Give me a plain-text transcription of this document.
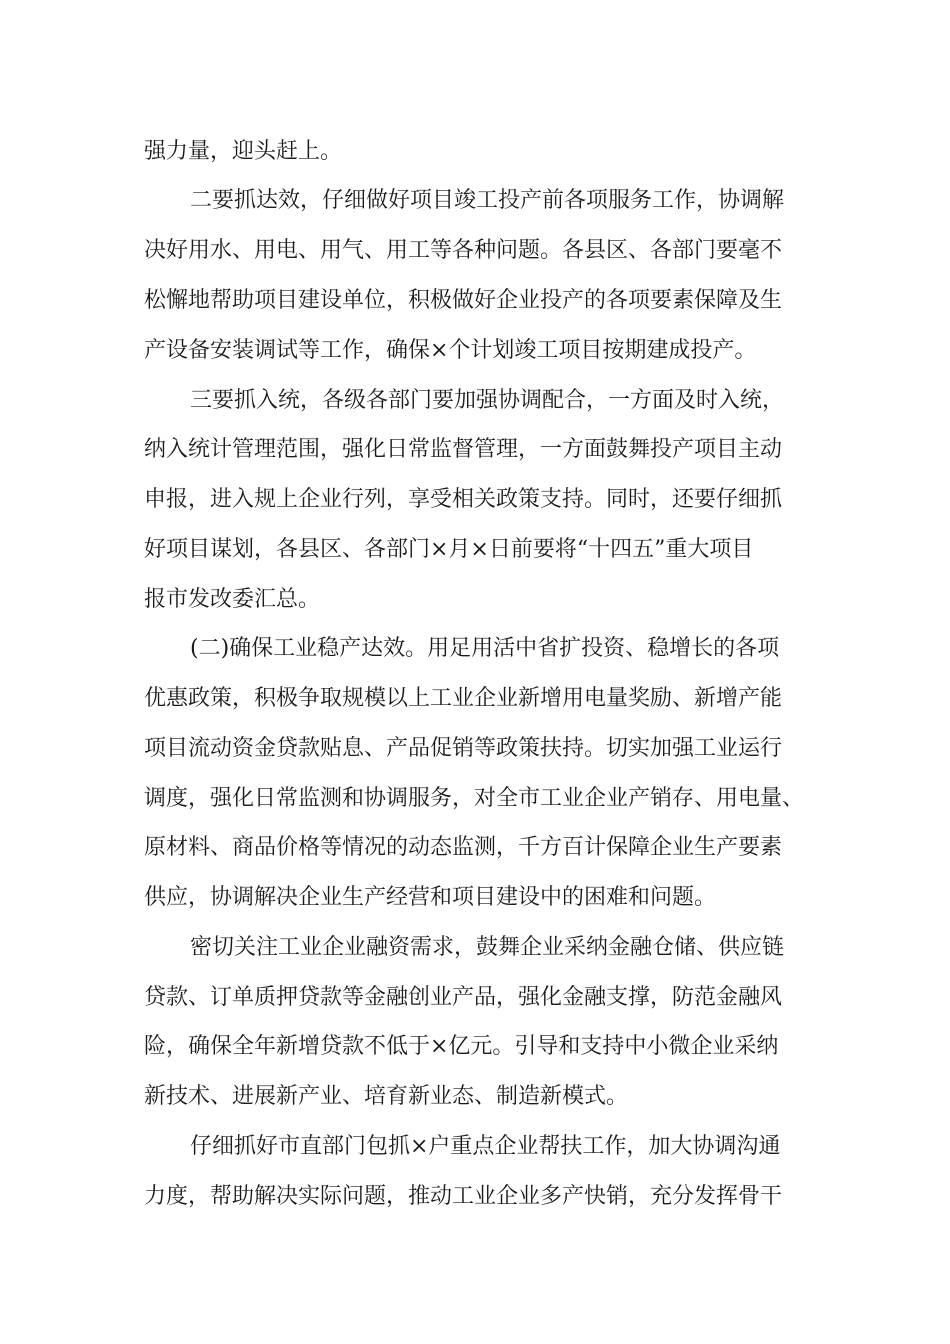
强力量，迎头赶上。

二要抓达效，仔细做好项目竣工投产前各项服务工作，协调解

决好用水、用电、用气、用工等各种问题。各县区、各部门要毫不

松懈地帮助项目建设单位，积极做好企业投产的各项要素保障及生

产设备安装调试等工作，确保×个计划竣工项目按期建成投产。

三要抓入统，各级各部门要加强协调配合，一方面及时入统，

纳入统计管理范围，强化日常监督管理，一方面鼓舞投产项目主动

申报，进入规上企业行列，享受相关政策支持。同时，还要仔细抓

好项目谋划，各县区、各部门×月×日前要将“十四五”重大项目

报市发改委汇总。

(二)确保工业稳产达效。用足用活中省扩投资、稳增长的各项

优惠政策，积极争取规模以上工业企业新增用电量奖励、新增产能

项目流动资金贷款贴息、产品促销等政策扶持。切实加强工业运行

调度，强化日常监测和协调服务，对全市工业企业产销存、用电量、

原材料、商品价格等情况的动态监测，千方百计保障企业生产要素

供应，协调解决企业生产经营和项目建设中的困难和问题。

密切关注工业企业融资需求，鼓舞企业采纳金融仓储、供应链

贷款、订单质押贷款等金融创业产品，强化金融支撑，防范金融风

险，确保全年新增贷款不低于×亿元。引导和支持中小微企业采纳

新技术、进展新产业、培育新业态、制造新模式。

仔细抓好市直部门包抓×户重点企业帮扶工作，加大协调沟通

力度，帮助解决实际问题，推动工业企业多产快销，充分发挥骨干
